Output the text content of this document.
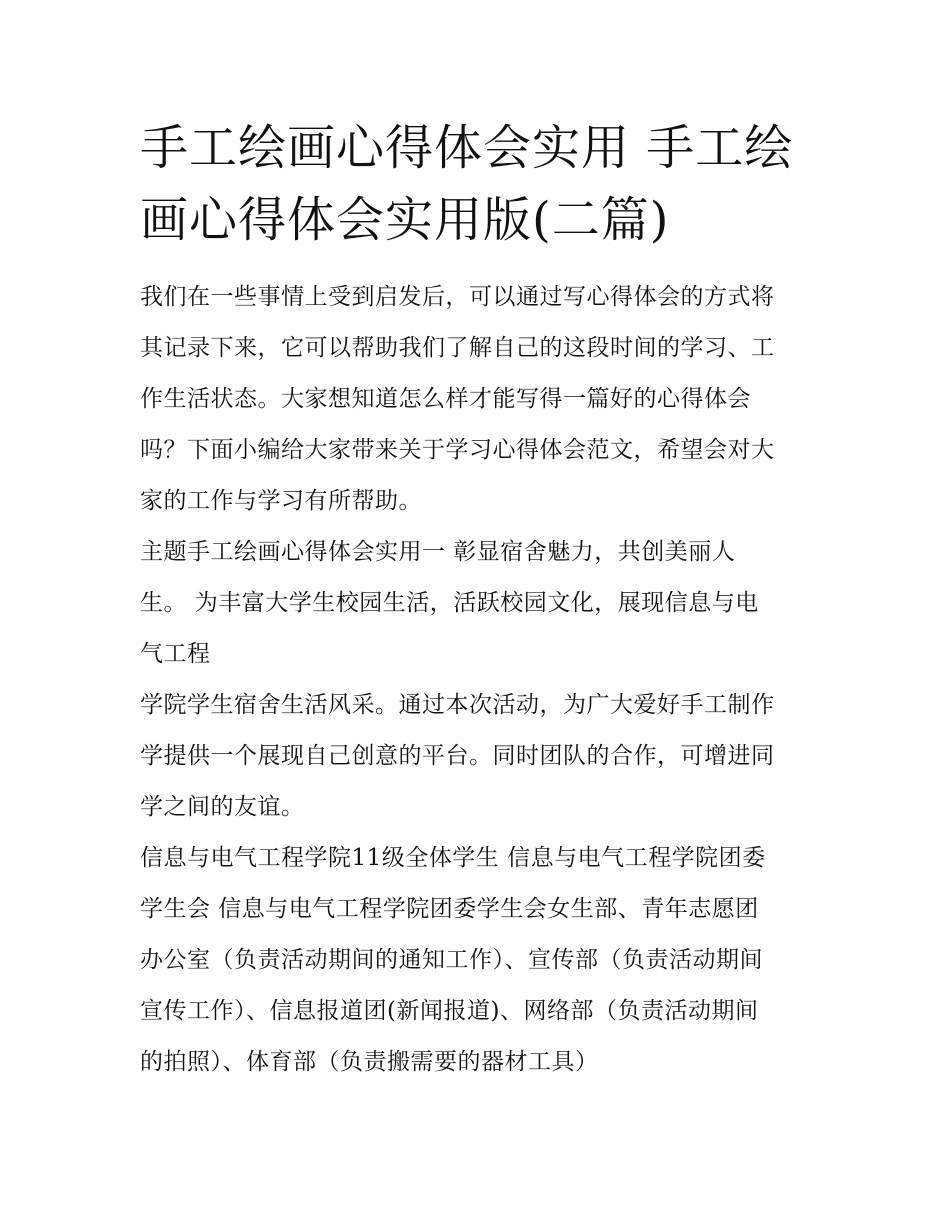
手工绘画心得体会实用 手工绘
画心得体会实用版(二篇)

我们在一些事情上受到启发后，可以通过写心得体会的方式将
其记录下来，它可以帮助我们了解自己的这段时间的学习、工
作生活状态。大家想知道怎么样才能写得一篇好的心得体会
吗？下面小编给大家带来关于学习心得体会范文，希望会对大
家的工作与学习有所帮助。

主题手工绘画心得体会实用一 彰显宿舍魅力，共创美丽人
生。 为丰富大学生校园生活，活跃校园文化，展现信息与电
气工程

学院学生宿舍生活风采。通过本次活动，为广大爱好手工制作
学提供一个展现自己创意的平台。同时团队的合作，可增进同
学之间的友谊。

信息与电气工程学院11级全体学生 信息与电气工程学院团委
学生会 信息与电气工程学院团委学生会女生部、青年志愿团
办公室（负责活动期间的通知工作）、宣传部（负责活动期间
宣传工作）、信息报道团(新闻报道)、网络部（负责活动期间
的拍照）、体育部（负责搬需要的器材工具）
